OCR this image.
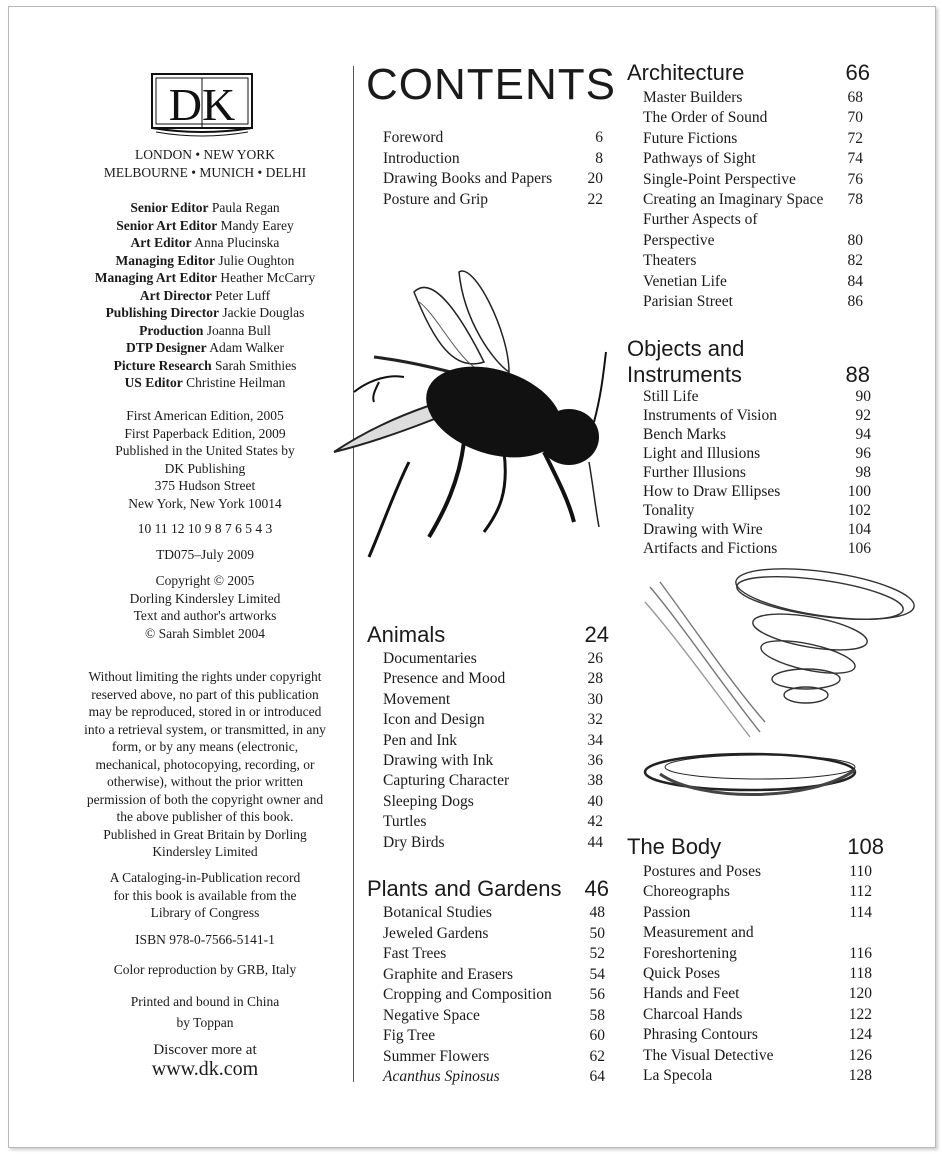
DK
LONDON • NEW YORK
MELBOURNE • MUNICH • DELHI
Senior Editor Paula Regan
Senior Art Editor Mandy Earey
Art Editor Anna Plucinska
Managing Editor Julie Oughton
Managing Art Editor Heather McCarry
Art Director Peter Luff
Publishing Director Jackie Douglas
Production Joanna Bull
DTP Designer Adam Walker
Picture Research Sarah Smithies
US Editor Christine Heilman
First American Edition, 2005
First Paperback Edition, 2009
Published in the United States by
DK Publishing
375 Hudson Street
New York, New York 10014
10 11 12 10 9 8 7 6 5 4 3
TD075–July 2009
Copyright © 2005
Dorling Kindersley Limited
Text and author's artworks
© Sarah Simblet 2004
Without limiting the rights under copyright
reserved above, no part of this publication
may be reproduced, stored in or introduced
into a retrieval system, or transmitted, in any
form, or by any means (electronic,
mechanical, photocopying, recording, or
otherwise), without the prior written
permission of both the copyright owner and
the above publisher of this book.
Published in Great Britain by Dorling
Kindersley Limited
A Cataloging-in-Publication record
for this book is available from the
Library of Congress
ISBN 978-0-7566-5141-1
Color reproduction by GRB, Italy
Printed and bound in China
by Toppan
Discover more at
www.dk.com
CONTENTS
Foreword	6
Introduction	8
Drawing Books and Papers 20
Posture and Grip	22
Animals	24
Documentaries	26
Presence and Mood	28
Movement	30
Icon and Design	32
Pen and Ink	34
Drawing with Ink	36
Capturing Character	38
Sleeping Dogs	40
Turtles	42
Dry Birds	44
Plants and Gardens 46
Botanical Studies	48
Jeweled Gardens	50
Fast Trees	52
Graphite and Erasers	54
Cropping and Composition 56
Negative Space	58
Fig Tree	60
Summer Flowers	62
Acanthus Spinosus	64
Architecture	66
Master Builders	68
The Order of Sound	70
Future Fictions	72
Pathways of Sight	74
Single-Point Perspective	76
Creating an Imaginary Space 78
Further Aspects of
Perspective	80
Theaters	82
Venetian Life	84
Parisian Street	86
Objects and
Instruments	88
Still Life	90
Instruments of Vision	92
Bench Marks	94
Light and Illusions	96
Further Illusions	98
How to Draw Ellipses	100
Tonality	102
Drawing with Wire	104
Artifacts and Fictions	106
The Body	108
Postures and Poses	110
Choreographs	112
Passion	114
Measurement and
Foreshortening	116
Quick Poses	118
Hands and Feet	120
Charcoal Hands	122
Phrasing Contours	124
The Visual Detective	126
La Specola	128
